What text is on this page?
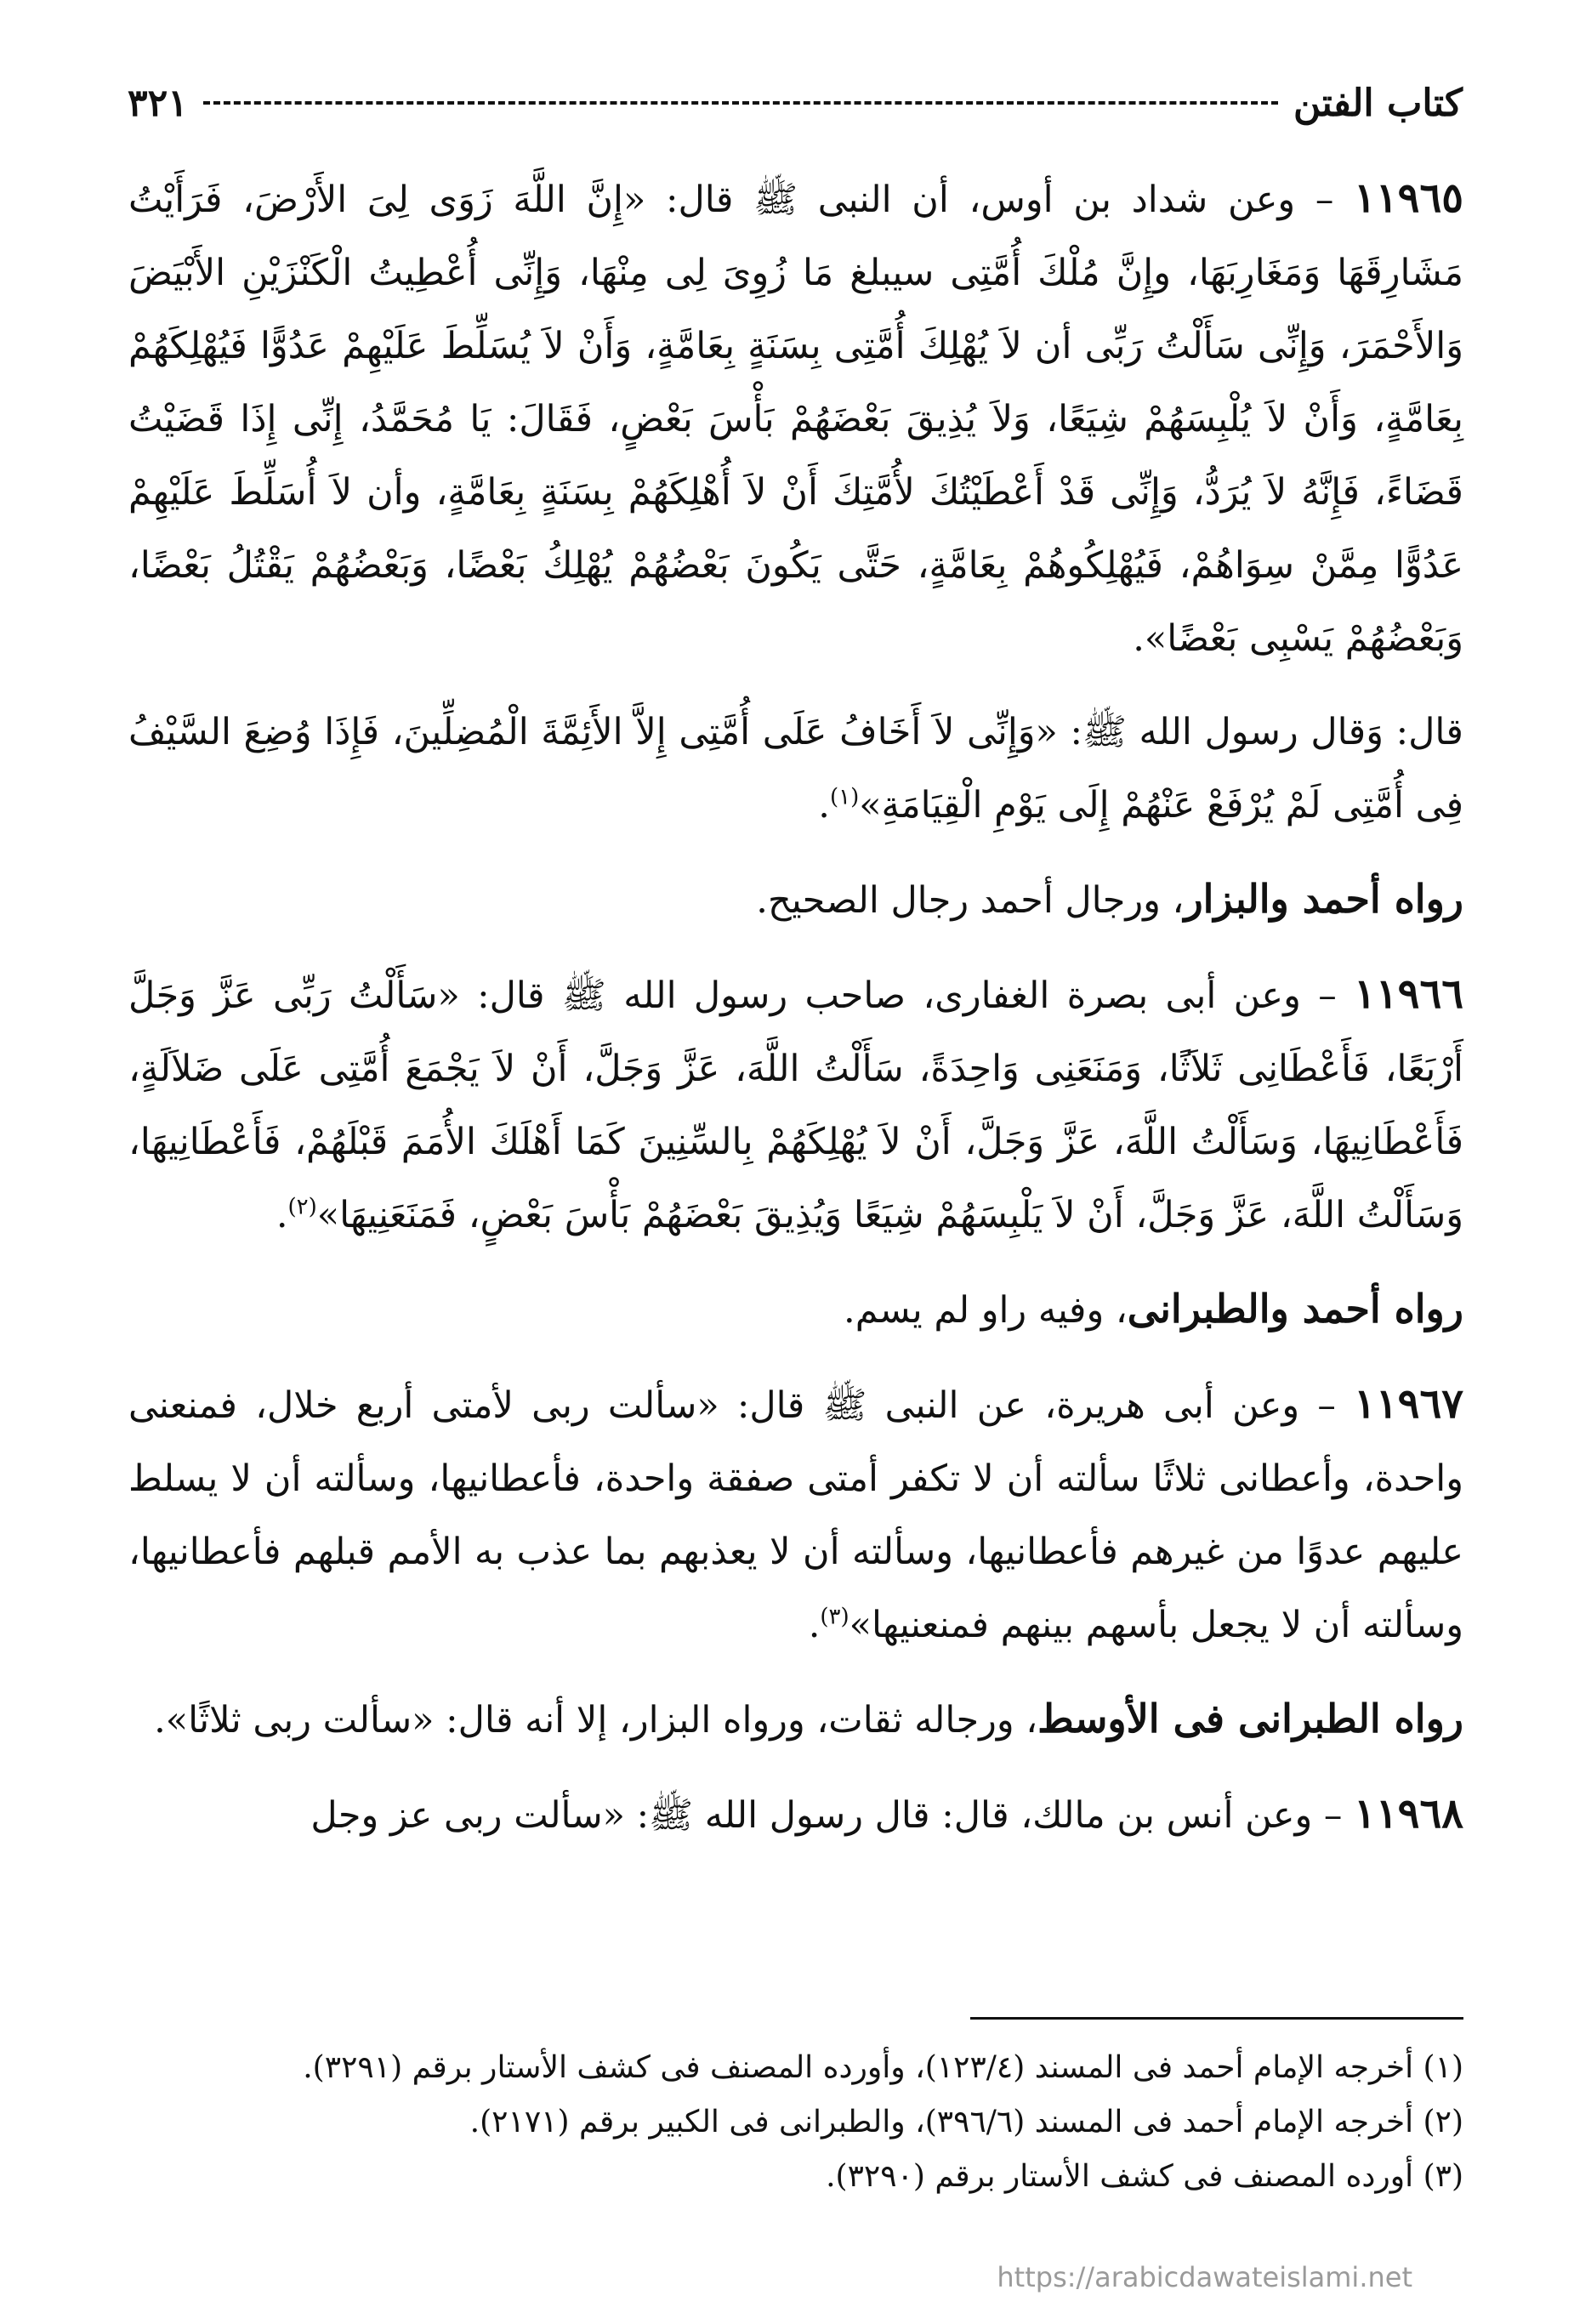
كتاب الفتن
٣٢١

١١٩٦٥ – وعن شداد بن أوس، أن النبى ﷺ قال: «إِنَّ اللَّهَ زَوَى لِىَ الأَرْضَ، فَرَأَيْتُ مَشَارِقَهَا وَمَغَارِبَهَا، وإِنَّ مُلْكَ أُمَّتِى سيبلغ مَا زُوِىَ لِى مِنْهَا، وَإِنِّى أُعْطِيتُ الْكَنْزَيْنِ الأَبْيَضَ وَالأَحْمَرَ، وَإِنِّى سَأَلْتُ رَبِّى أن لاَ يُهْلِكَ أُمَّتِى بِسَنَةٍ بِعَامَّةٍ، وَأَنْ لاَ يُسَلِّطَ عَلَيْهِمْ عَدُوًّا فَيُهْلِكَهُمْ بِعَامَّةٍ، وَأَنْ لاَ يُلْبِسَهُمْ شِيَعًا، وَلاَ يُذِيقَ بَعْضَهُمْ بَأْسَ بَعْضٍ، فَقَالَ: يَا مُحَمَّدُ، إِنِّى إِذَا قَضَيْتُ قَضَاءً، فَإِنَّهُ لاَ يُرَدُّ، وَإِنِّى قَدْ أَعْطَيْتُكَ لأُمَّتِكَ أَنْ لاَ أُهْلِكَهُمْ بِسَنَةٍ بِعَامَّةٍ، وأن لاَ أُسَلِّطَ عَلَيْهِمْ عَدُوًّا مِمَّنْ سِوَاهُمْ، فَيُهْلِكُوهُمْ بِعَامَّةٍ، حَتَّى يَكُونَ بَعْضُهُمْ يُهْلِكُ بَعْضًا، وَبَعْضُهُمْ يَقْتُلُ بَعْضًا، وَبَعْضُهُمْ يَسْبِى بَعْضًا».

قال: وَقال رسول الله ﷺ: «وَإِنِّى لاَ أَخَافُ عَلَى أُمَّتِى إِلاَّ الأَئِمَّةَ الْمُضِلِّينَ، فَإِذَا وُضِعَ السَّيْفُ فِى أُمَّتِى لَمْ يُرْفَعْ عَنْهُمْ إِلَى يَوْمِ الْقِيَامَةِ»$^{(١)}$.

رواه أحمد والبزار، ورجال أحمد رجال الصحيح.

١١٩٦٦ – وعن أبى بصرة الغفارى، صاحب رسول الله ﷺ قال: «سَأَلْتُ رَبِّى عَزَّ وَجَلَّ أَرْبَعًا، فَأَعْطَانِى ثَلاَثًا، وَمَنَعَنِى وَاحِدَةً، سَأَلْتُ اللَّهَ، عَزَّ وَجَلَّ، أَنْ لاَ يَجْمَعَ أُمَّتِى عَلَى ضَلاَلَةٍ، فَأَعْطَانِيهَا، وَسَأَلْتُ اللَّهَ، عَزَّ وَجَلَّ، أَنْ لاَ يُهْلِكَهُمْ بِالسِّنِينَ كَمَا أَهْلَكَ الأُمَمَ قَبْلَهُمْ، فَأَعْطَانِيهَا، وَسَأَلْتُ اللَّهَ، عَزَّ وَجَلَّ، أَنْ لاَ يَلْبِسَهُمْ شِيَعًا وَيُذِيقَ بَعْضَهُمْ بَأْسَ بَعْضٍ، فَمَنَعَنِيهَا»$^{(٢)}$.

رواه أحمد والطبرانى، وفيه راو لم يسم.

١١٩٦٧ – وعن أبى هريرة، عن النبى ﷺ قال: «سألت ربى لأمتى أربع خلال، فمنعنى واحدة، وأعطانى ثلاثًا سألته أن لا تكفر أمتى صفقة واحدة، فأعطانيها، وسألته أن لا يسلط عليهم عدوًا من غيرهم فأعطانيها، وسألته أن لا يعذبهم بما عذب به الأمم قبلهم فأعطانيها، وسألته أن لا يجعل بأسهم بينهم فمنعنيها»$^{(٣)}$.

رواه الطبرانى فى الأوسط، ورجاله ثقات، ورواه البزار، إلا أنه قال: «سألت ربى ثلاثًا».

١١٩٦٨ – وعن أنس بن مالك، قال: قال رسول الله ﷺ: «سألت ربى عز وجل

(١) أخرجه الإمام أحمد فى المسند (١٢٣/٤)، وأورده المصنف فى كشف الأستار برقم (٣٢٩١).

(٢) أخرجه الإمام أحمد فى المسند (٣٩٦/٦)، والطبرانى فى الكبير برقم (٢١٧١).

(٣) أورده المصنف فى كشف الأستار برقم (٣٢٩٠).

https://arabicdawateislami.net
